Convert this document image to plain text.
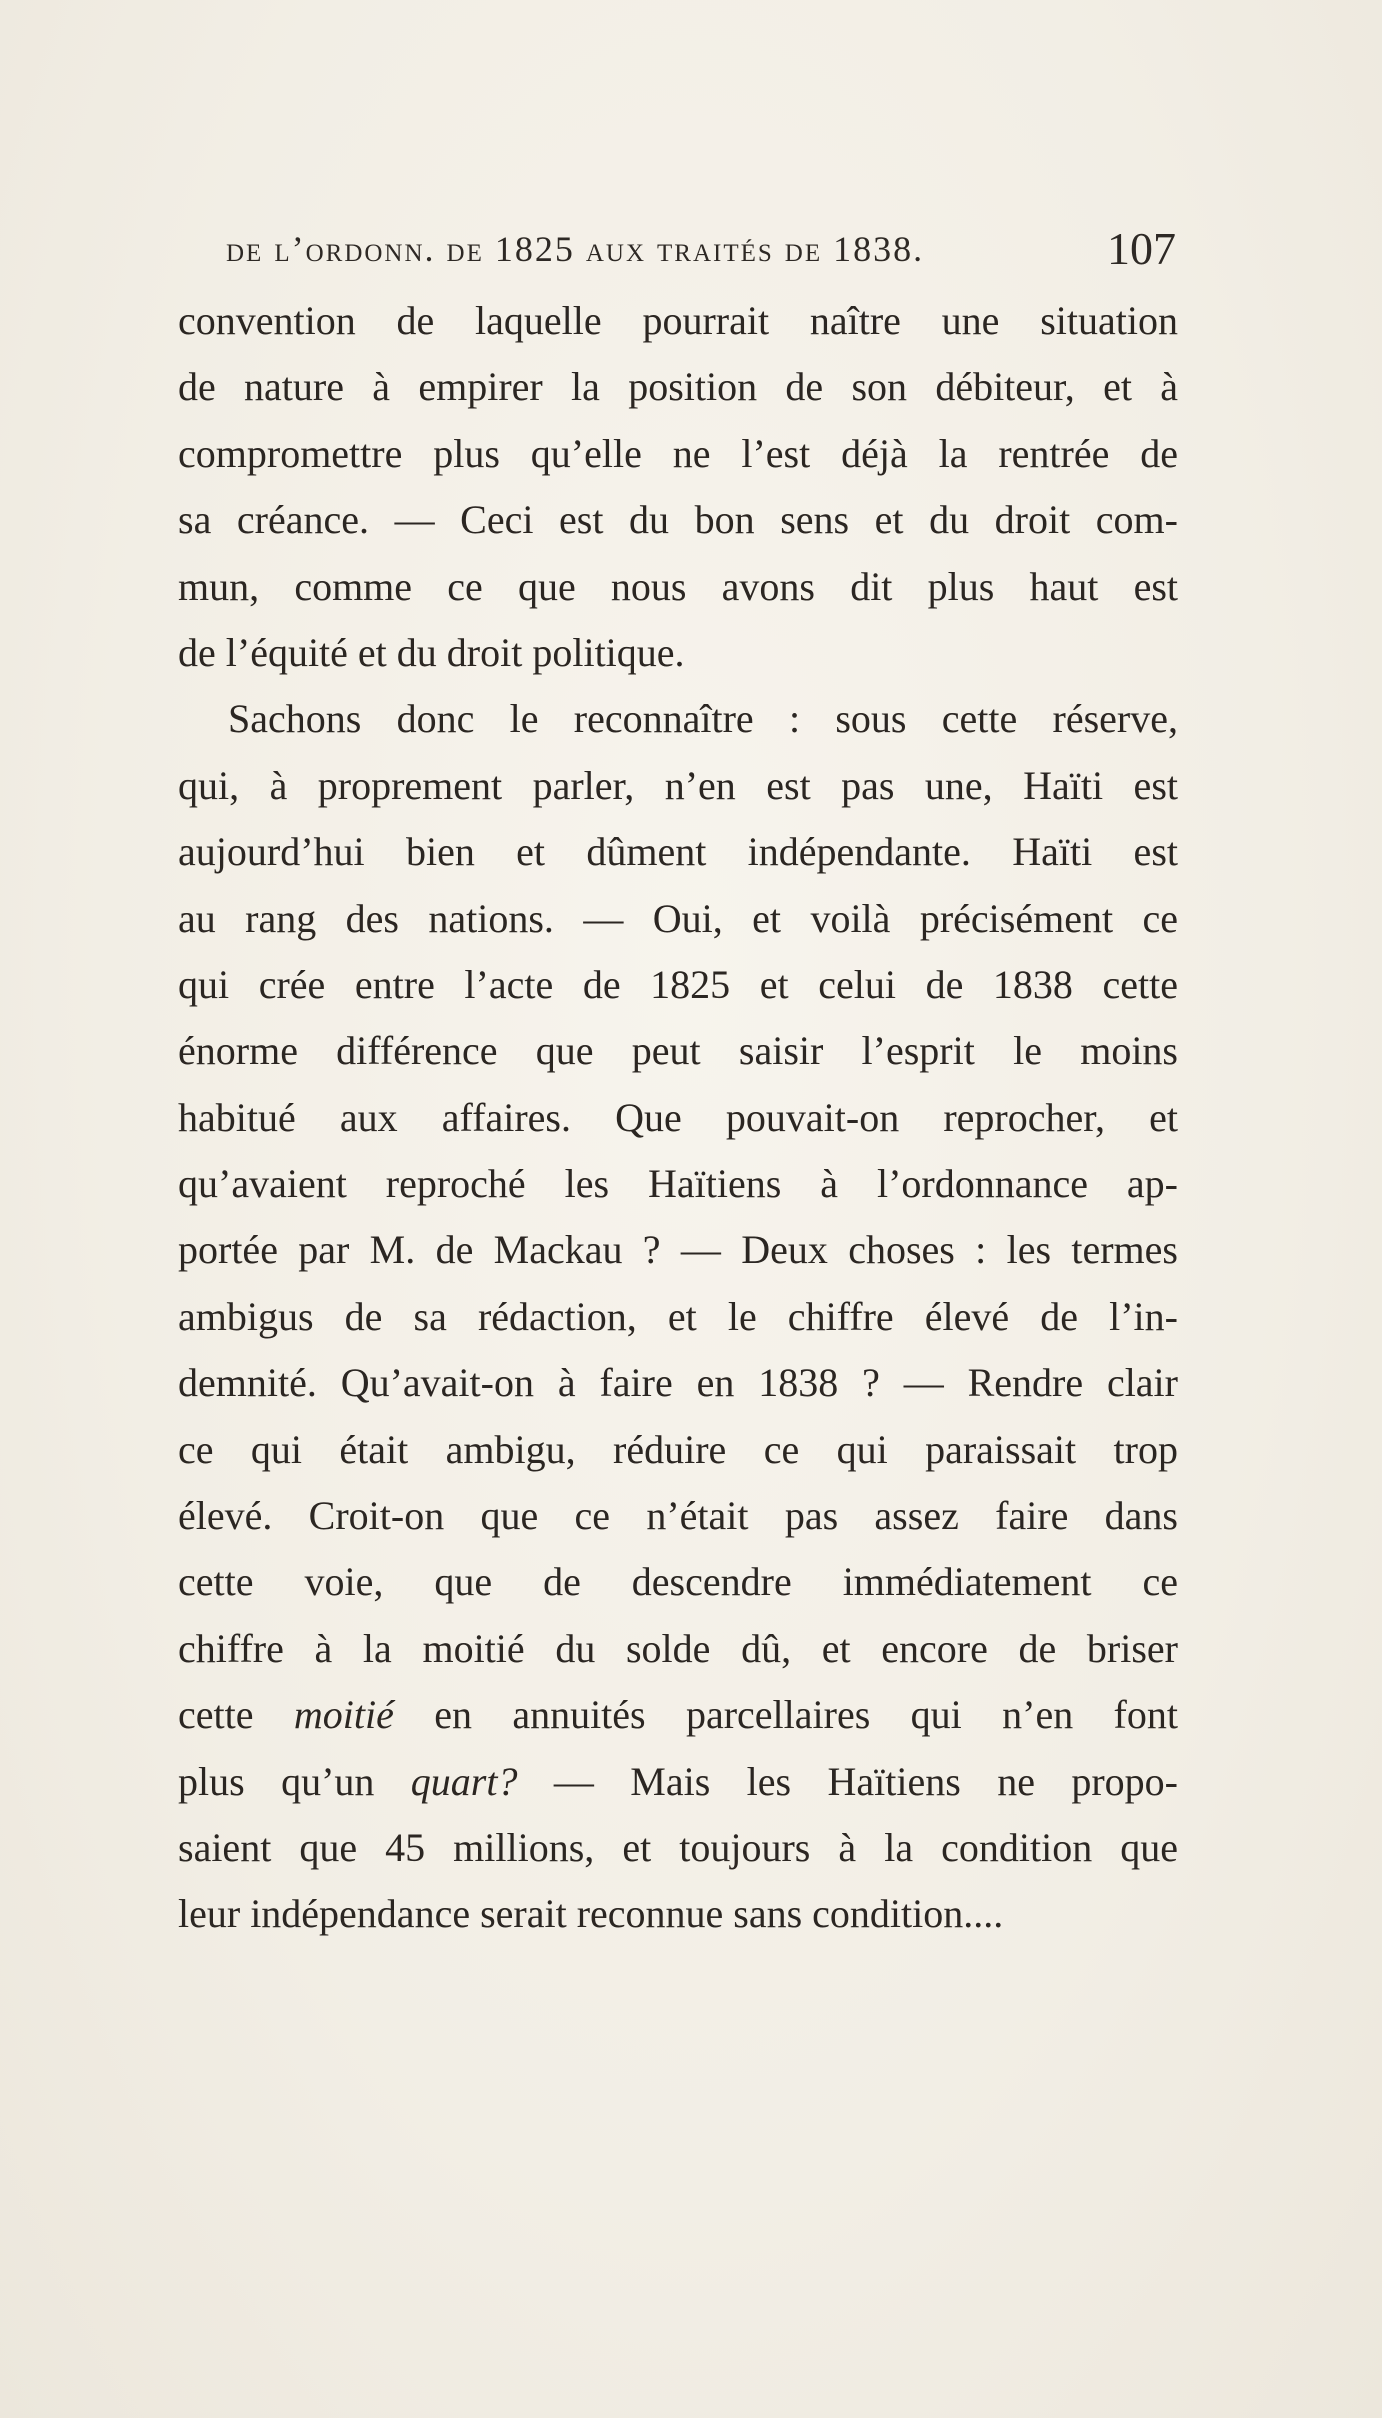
de l’ordonn. de 1825 aux traités de 1838.	107
convention de laquelle pourrait naître une situation
de nature à empirer la position de son débiteur, et à
compromettre plus qu’elle ne l’est déjà la rentrée de
sa créance. — Ceci est du bon sens et du droit com-
mun, comme ce que nous avons dit plus haut est
de l’équité et du droit politique.
Sachons donc le reconnaître : sous cette réserve,
qui, à proprement parler, n’en est pas une, Haïti est
aujourd’hui bien et dûment indépendante. Haïti est
au rang des nations. — Oui, et voilà précisément ce
qui crée entre l’acte de 1825 et celui de 1838 cette
énorme différence que peut saisir l’esprit le moins
habitué aux affaires. Que pouvait-on reprocher, et
qu’avaient reproché les Haïtiens à l’ordonnance ap-
portée par M. de Mackau ? — Deux choses : les termes
ambigus de sa rédaction, et le chiffre élevé de l’in-
demnité. Qu’avait-on à faire en 1838 ? — Rendre clair
ce qui était ambigu, réduire ce qui paraissait trop
élevé. Croit-on que ce n’était pas assez faire dans
cette voie, que de descendre immédiatement ce
chiffre à la moitié du solde dû, et encore de briser
cette moitié en annuités parcellaires qui n’en font
plus qu’un quart? — Mais les Haïtiens ne propo-
saient que 45 millions, et toujours à la condition que
leur indépendance serait reconnue sans condition....
